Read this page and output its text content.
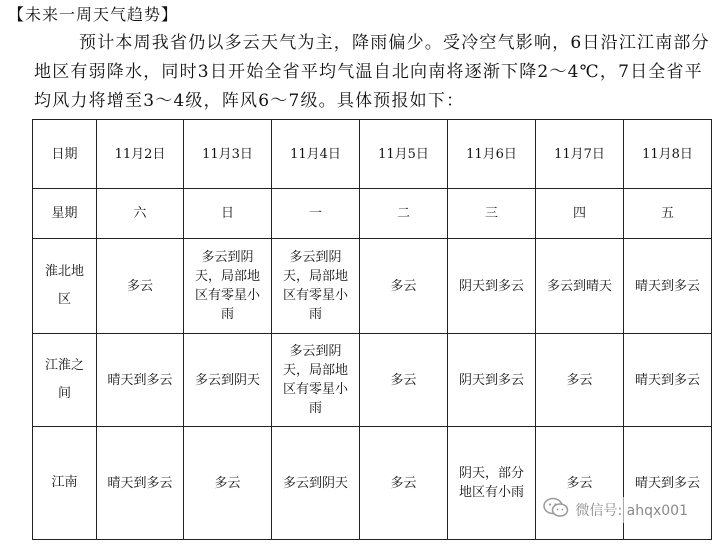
【未来一周天气趋势】

预计本周我省仍以多云天气为主，降雨偏少。受冷空气影响，6日沿江江南部分地区有弱降水，同时3日开始全省平均气温自北向南将逐渐下降2～4℃，7日全省平均风力将增至3～4级，阵风6～7级。具体预报如下：

日期	11月2日	11月3日	11月4日	11月5日	11月6日	11月7日	11月8日
星期	六	日	一	二	三	四	五
淮北地区	多云	多云到阴天，局部地区有零星小雨	多云到阴天，局部地区有零星小雨	多云	阴天到多云	多云到晴天	晴天到多云
江淮之间	晴天到多云	多云到阴天	多云到阴天，局部地区有零星小雨	多云	阴天到多云	多云	晴天到多云
江南	晴天到多云	多云	多云到阴天	多云	阴天，部分地区有小雨	多云	晴天到多云
微信号: ahqx001
